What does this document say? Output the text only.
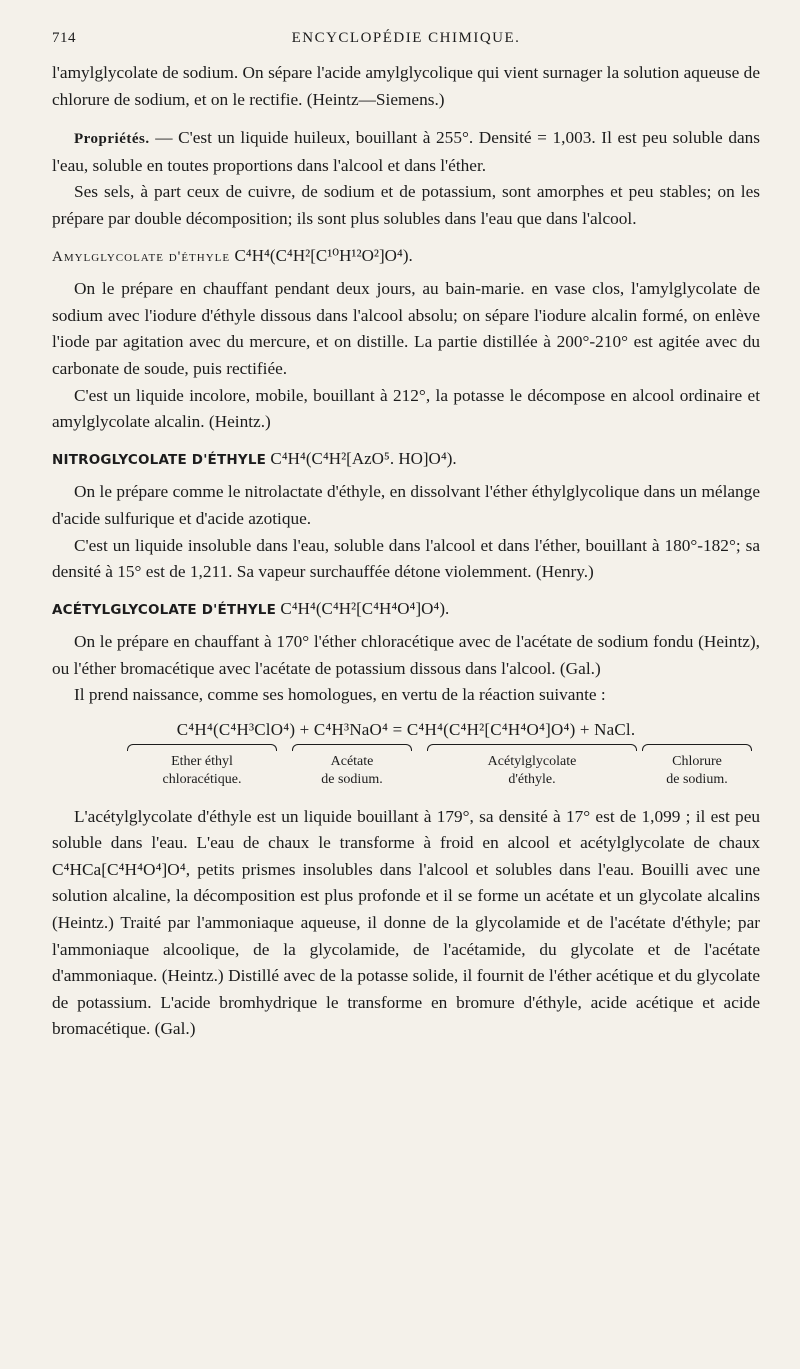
714	ENCYCLOPÉDIE CHIMIQUE.

l'amylglycolate de sodium. On sépare l'acide amylglycolique qui vient surnager la solution aqueuse de chlorure de sodium, et on le rectifie. (Heintz—Siemens.)

Propriétés. — C'est un liquide huileux, bouillant à 255°. Densité = 1,003. Il est peu soluble dans l'eau, soluble en toutes proportions dans l'alcool et dans l'éther.

Ses sels, à part ceux de cuivre, de sodium et de potassium, sont amorphes et peu stables; on les prépare par double décomposition; ils sont plus solubles dans l'eau que dans l'alcool.

Amylglycolate d'éthyle C⁴H⁴(C⁴H²[C¹⁰H¹²O²]O⁴).

On le prépare en chauffant pendant deux jours, au bain-marie. en vase clos, l'amylglycolate de sodium avec l'iodure d'éthyle dissous dans l'alcool absolu; on sépare l'iodure alcalin formé, on enlève l'iode par agitation avec du mercure, et on distille. La partie distillée à 200°-210° est agitée avec du carbonate de soude, puis rectifiée.

C'est un liquide incolore, mobile, bouillant à 212°, la potasse le décompose en alcool ordinaire et amylglycolate alcalin. (Heintz.)

NITROGLYCOLATE D'ÉTHYLE C⁴H⁴(C⁴H²[AzO⁵. HO]O⁴).

On le prépare comme le nitrolactate d'éthyle, en dissolvant l'éther éthylglycolique dans un mélange d'acide sulfurique et d'acide azotique.

C'est un liquide insoluble dans l'eau, soluble dans l'alcool et dans l'éther, bouillant à 180°-182°; sa densité à 15° est de 1,211. Sa vapeur surchauffée détone violemment. (Henry.)

ACÉTYLGLYCOLATE D'ÉTHYLE C⁴H⁴(C⁴H²[C⁴H⁴O⁴]O⁴).

On le prépare en chauffant à 170° l'éther chloracétique avec de l'acétate de sodium fondu (Heintz), ou l'éther bromacétique avec l'acétate de potassium dissous dans l'alcool. (Gal.)

Il prend naissance, comme ses homologues, en vertu de la réaction suivante :

C⁴H⁴(C⁴H³ClO⁴) + C⁴H³NaO⁴ = C⁴H⁴(C⁴H²[C⁴H⁴O⁴]O⁴) + NaCl.
Ether éthyl
chloracétique.
Acétate
de sodium.
Acétylglycolate
d'éthyle.
Chlorure
de sodium.

L'acétylglycolate d'éthyle est un liquide bouillant à 179°, sa densité à 17° est de 1,099 ; il est peu soluble dans l'eau. L'eau de chaux le transforme à froid en alcool et acétylglycolate de chaux C⁴HCa[C⁴H⁴O⁴]O⁴, petits prismes insolubles dans l'alcool et solubles dans l'eau. Bouilli avec une solution alcaline, la décomposition est plus profonde et il se forme un acétate et un glycolate alcalins (Heintz.) Traité par l'ammoniaque aqueuse, il donne de la glycolamide et de l'acétate d'éthyle; par l'ammoniaque alcoolique, de la glycolamide, de l'acétamide, du glycolate et de l'acétate d'ammoniaque. (Heintz.) Distillé avec de la potasse solide, il fournit de l'éther acétique et du glycolate de potassium. L'acide bromhydrique le transforme en bromure d'éthyle, acide acétique et acide bromacétique. (Gal.)
